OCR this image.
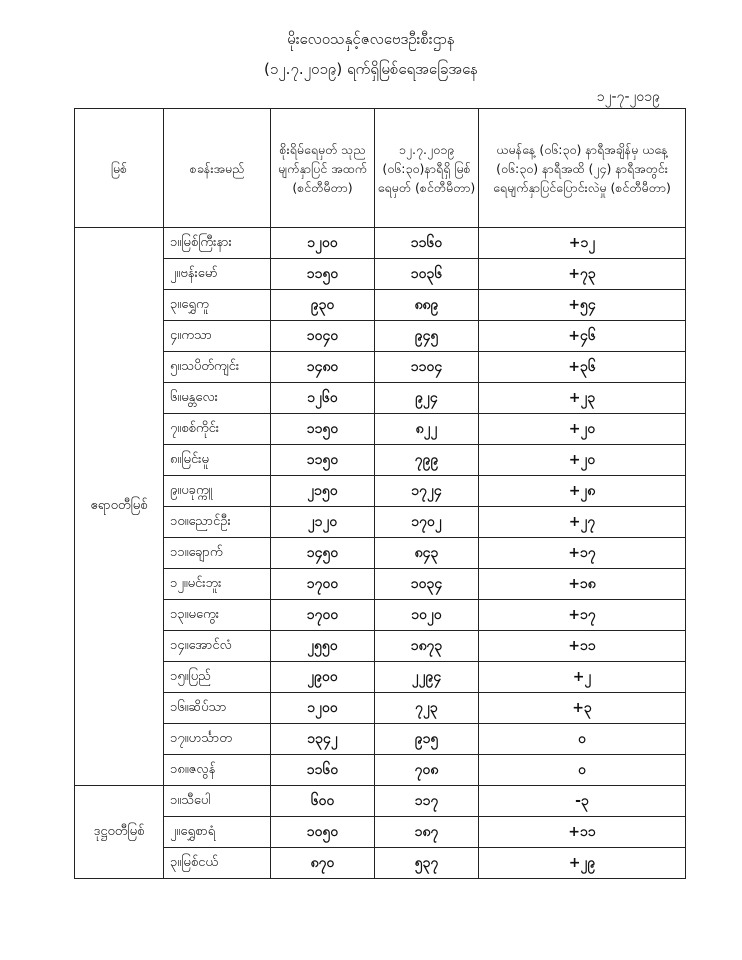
မိုးလေဝသနှင့်ဇလဗေဒဦးစီးဌာန
(၁၂.၇.၂၀၁၉) ရက်ရှိမြစ်ရေအခြေအနေ
၁၂-၇-၂၀၁၉
မြစ်	စခန်းအမည်	စိုးရိမ်ရေမှတ် သုည မျက်နှာပြင် အထက် (စင်တီမီတာ)	၁၂.၇.၂၀၁၉ (၀၆:၃၀)နာရီရှိ မြစ်ရေမှတ် (စင်တီမီတာ)	ယမန်နေ့ (၀၆:၃၀) နာရီအချိန်မှ ယနေ့ (၀၆:၃၀) နာရီအထိ (၂၄) နာရီအတွင်း ရေမျက်နှာပြင်ပြောင်းလဲမှု (စင်တီမီတာ)
ဧရာဝတီမြစ်	၁။မြစ်ကြီးနား	၁၂၀၀	၁၁၆၀	+၁၂
	၂။ဗန်းမော်	၁၁၅၀	၁၀၃၆	+၇၃
	၃။ရွှေကူ	၉၃၀	၈၈၉	+၅၄
	၄။ကသာ	၁၀၄၀	၉၄၅	+၄၆
	၅။သပိတ်ကျင်း	၁၄၈၀	၁၁၀၄	+၃၆
	၆။မန္တလေး	၁၂၆၀	၉၂၄	+၂၃
	၇။စစ်ကိုင်း	၁၁၅၀	၈၂၂	+၂၀
	၈။မြင်းမူ	၁၁၅၀	၇၉၉	+၂၀
	၉။ပခုက္ကူ	၂၁၅၀	၁၇၂၄	+၂၈
	၁၀။ညောင်ဦး	၂၁၂၀	၁၇၀၂	+၂၇
	၁၁။ချောက်	၁၄၅၀	၈၄၃	+၁၇
	၁၂။မင်းဘူး	၁၇၀၀	၁၀၃၄	+၁၈
	၁၃။မကွေး	၁၇၀၀	၁၀၂၀	+၁၇
	၁၄။အောင်လံ	၂၅၅၀	၁၈၇၃	+၁၁
	၁၅။ပြည်	၂၉၀၀	၂၂၉၄	+၂
	၁၆။ဆိပ်သာ	၁၂၀၀	၇၂၃	+၃
	၁၇။ဟင်္သာတ	၁၃၄၂	၉၁၅	၀
	၁၈။ဇလွန်	၁၁၆၀	၇၀၈	၀
ဒုဋ္ဌဝတီမြစ်	၁။သီပေါ	၆၀၀	၁၁၇	-၃
	၂။ရွှေစာရံ	၁၀၅၀	၁၈၇	+၁၁
	၃။မြစ်ငယ်	၈၇၀	၅၃၇	+၂၉
